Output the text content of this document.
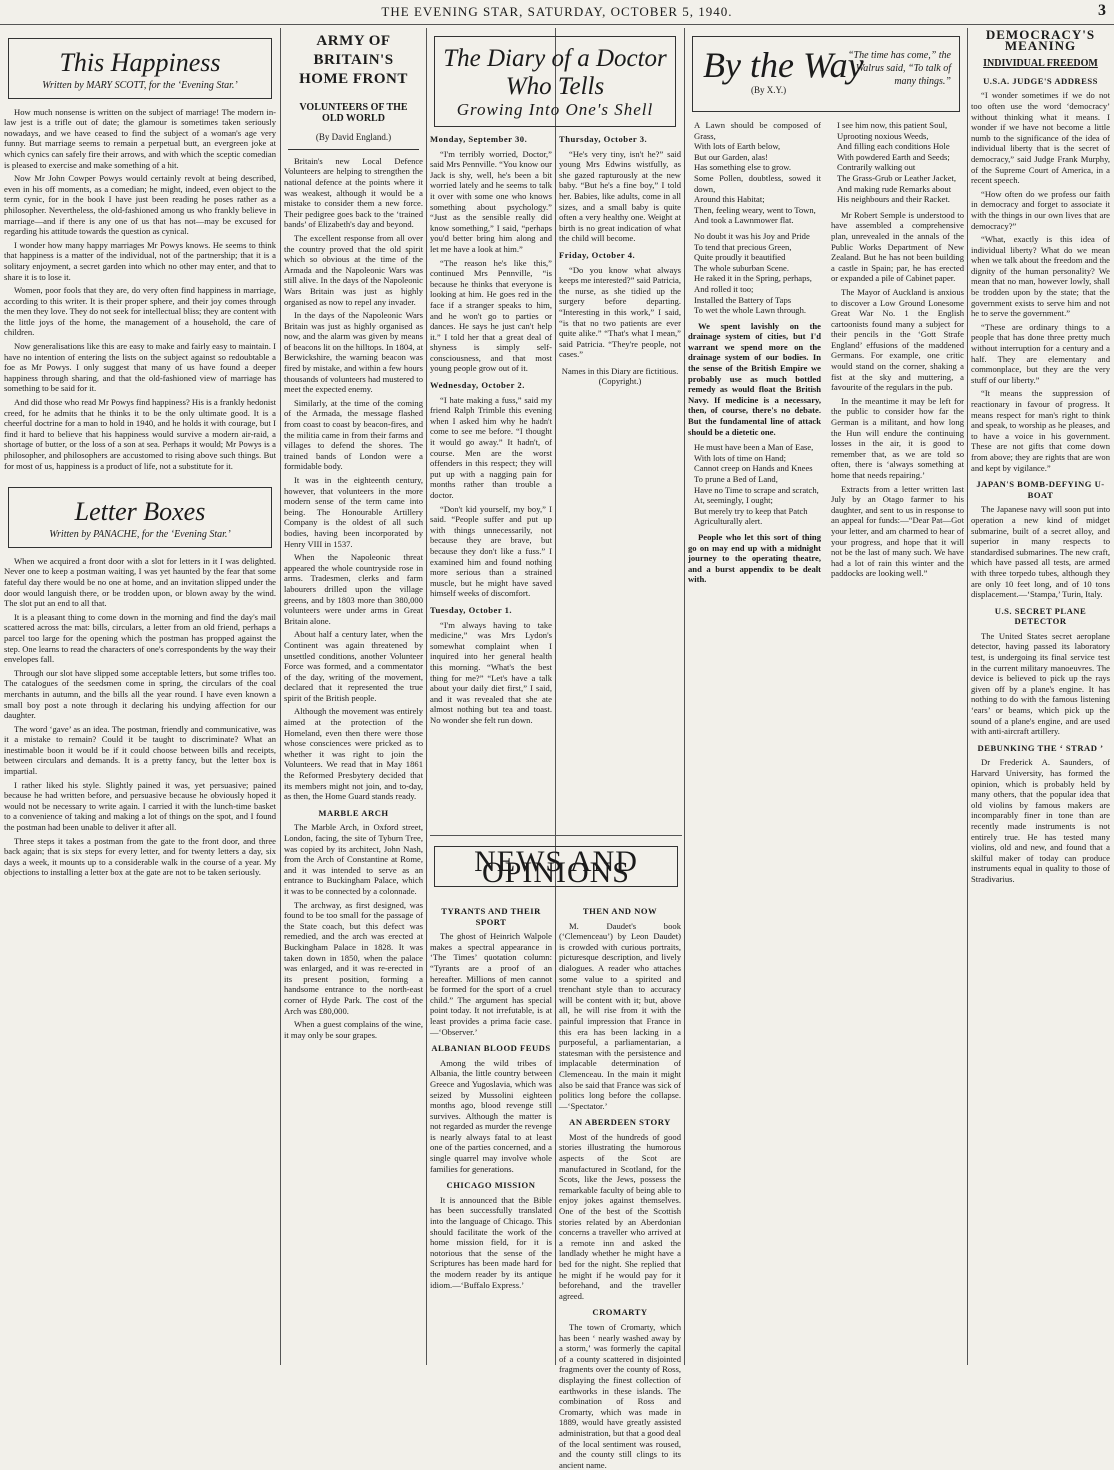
THE EVENING STAR, SATURDAY, OCTOBER 5, 1940.	3
This Happiness
Written by MARY SCOTT, for the ‘Evening Star.’

How much nonsense is written on the subject of marriage! The modern in-law jest is a trifle out of date; the glamour is sometimes taken seriously nowadays, and we have ceased to find the subject of a woman's age very funny. But marriage seems to remain a perpetual butt, an evergreen joke at which cynics can safely fire their arrows, and with which the sceptic comedian is pleased to exercise and make something of a hit.

Now Mr John Cowper Powys would certainly revolt at being described, even in his off moments, as a comedian; he might, indeed, even object to the term cynic, for in the book I have just been reading he poses rather as a philosopher. Nevertheless, the old-fashioned among us who frankly believe in marriage—and if there is any one of us that has not—may be excused for regarding his attitude towards the question as cynical.

I wonder how many happy marriages Mr Powys knows. He seems to think that happiness is a matter of the individual, not of the partnership; that it is a solitary enjoyment, a secret garden into which no other may enter, and that to share it is to lose it.

Women, poor fools that they are, do very often find happiness in marriage, according to this writer. It is their proper sphere, and their joy comes through the men they love. They do not seek for intellectual bliss; they are content with the little joys of the home, the management of a household, the care of children.

Now generalisations like this are easy to make and fairly easy to maintain. I have no intention of entering the lists on the subject against so redoubtable a foe as Mr Powys. I only suggest that many of us have found a deeper happiness through sharing, and that the old-fashioned view of marriage has something to be said for it.

And did those who read Mr Powys find happiness? His is a frankly hedonist creed, for he admits that he thinks it to be the only ultimate good. It is a cheerful doctrine for a man to hold in 1940, and he holds it with courage, but I find it hard to believe that his happiness would survive a modern air-raid, a shortage of butter, or the loss of a son at sea. Perhaps it would; Mr Powys is a philosopher, and philosophers are accustomed to rising above such things. But for most of us, happiness is a product of life, not a substitute for it.

Letter Boxes
Written by PANACHE, for the ‘Evening Star.’

When we acquired a front door with a slot for letters in it I was delighted. Never one to keep a postman waiting, I was yet haunted by the fear that some fateful day there would be no one at home, and an invitation slipped under the door would languish there, or be trodden upon, or blown away by the wind. The slot put an end to all that.

It is a pleasant thing to come down in the morning and find the day's mail scattered across the mat: bills, circulars, a letter from an old friend, perhaps a parcel too large for the opening which the postman has propped against the step. One learns to read the characters of one's correspondents by the way their envelopes fall.

Through our slot have slipped some acceptable letters, but some trifles too. The catalogues of the seedsmen come in spring, the circulars of the coal merchants in autumn, and the bills all the year round. I have even known a small boy post a note through it declaring his undying affection for our daughter.

The word ‘gave’ as an idea. The postman, friendly and communicative, was it a mistake to remain? Could it be taught to discriminate? What an inestimable boon it would be if it could choose between bills and receipts, between circulars and demands. It is a pretty fancy, but the letter box is impartial.

I rather liked his style. Slightly pained it was, yet persuasive; pained because he had written before, and persuasive because he obviously hoped it would not be necessary to write again. I carried it with the lunch-time basket to a convenience of taking and making a lot of things on the spot, and I found the postman had been unable to deliver it after all.

Three steps it takes a postman from the gate to the front door, and three back again; that is six steps for every letter, and for twenty letters a day, six days a week, it mounts up to a considerable walk in the course of a year. My objections to installing a letter box at the gate are not to be taken seriously.

ARMY OF BRITAIN'S HOME FRONT
VOLUNTEERS OF THE OLD WORLD
(By David England.)

Britain's new Local Defence Volunteers are helping to strengthen the national defence at the points where it was weakest, although it would be a mistake to consider them a new force. Their pedigree goes back to the ‘trained bands’ of Elizabeth's day and beyond.

The excellent response from all over the country proved that the old spirit which so obvious at the time of the Armada and the Napoleonic Wars was still alive. In the days of the Napoleonic Wars Britain was just as highly organised as now to repel any invader.

In the days of the Napoleonic Wars Britain was just as highly organised as now, and the alarm was given by means of beacons lit on the hilltops. In 1804, at Berwickshire, the warning beacon was fired by mistake, and within a few hours thousands of volunteers had mustered to meet the expected enemy.

Similarly, at the time of the coming of the Armada, the message flashed from coast to coast by beacon-fires, and the militia came in from their farms and villages to defend the shores. The trained bands of London were a formidable body.

It was in the eighteenth century, however, that volunteers in the more modern sense of the term came into being. The Honourable Artillery Company is the oldest of all such bodies, having been incorporated by Henry VIII in 1537.

When the Napoleonic threat appeared the whole countryside rose in arms. Tradesmen, clerks and farm labourers drilled upon the village greens, and by 1803 more than 380,000 volunteers were under arms in Great Britain alone.

About half a century later, when the Continent was again threatened by unsettled conditions, another Volunteer Force was formed, and a commentator of the day, writing of the movement, declared that it represented the true spirit of the British people.

Although the movement was entirely aimed at the protection of the Homeland, even then there were those whose consciences were pricked as to whether it was right to join the Volunteers. We read that in May 1861 the Reformed Presbytery decided that its members might not join, and to-day, as then, the Home Guard stands ready.

MARBLE ARCH

The Marble Arch, in Oxford street, London, facing, the site of Tyburn Tree, was copied by its architect, John Nash, from the Arch of Constantine at Rome, and it was intended to serve as an entrance to Buckingham Palace, which it was to be connected by a colonnade.

The archway, as first designed, was found to be too small for the passage of the State coach, but this defect was remedied, and the arch was erected at Buckingham Palace in 1828. It was taken down in 1850, when the palace was enlarged, and it was re-erected in its present position, forming a handsome entrance to the north-east corner of Hyde Park. The cost of the Arch was £80,000.

When a guest complains of the wine, it may only be sour grapes.

The Diary of a Doctor Who Tells
Growing Into One's Shell
Monday, September 30.

“I'm terribly worried, Doctor,” said Mrs Pennville. “You know our Jack is shy, well, he's been a bit worried lately and he seems to talk it over with some one who knows something about psychology.” “Just as the sensible really did know something,” I said, “perhaps you'd better bring him along and let me have a look at him.”

“The reason he's like this,” continued Mrs Pennville, “is because he thinks that everyone is looking at him. He goes red in the face if a stranger speaks to him, and he won't go to parties or dances. He says he just can't help it.” I told her that a great deal of shyness is simply self-consciousness, and that most young people grow out of it.

Wednesday, October 2.

“I hate making a fuss,” said my friend Ralph Trimble this evening when I asked him why he hadn't come to see me before. “I thought it would go away.” It hadn't, of course. Men are the worst offenders in this respect; they will put up with a nagging pain for months rather than trouble a doctor.

“Don't kid yourself, my boy,” I said. “People suffer and put up with things unnecessarily, not because they are brave, but because they don't like a fuss.” I examined him and found nothing more serious than a strained muscle, but he might have saved himself weeks of discomfort.

Tuesday, October 1.

“I'm always having to take medicine,” was Mrs Lydon's somewhat complaint when I inquired into her general health this morning. “What's the best thing for me?” “Let's have a talk about your daily diet first,” I said, and it was revealed that she ate almost nothing but tea and toast. No wonder she felt run down.

Thursday, October 3.

“He's very tiny, isn't he?” said young Mrs Edwins wistfully, as she gazed rapturously at the new baby. “But he's a fine boy,” I told her. Babies, like adults, come in all sizes, and a small baby is quite often a very healthy one. Weight at birth is no great indication of what the child will become.

Friday, October 4.

“Do you know what always keeps me interested?” said Patricia, the nurse, as she tidied up the surgery before departing. “Interesting in this work,” I said, “is that no two patients are ever quite alike.” “That's what I mean,” said Patricia. “They're people, not cases.”

Names in this Diary are fictitious. (Copyright.)
NEWS AND OPINIONS
TYRANTS AND THEIR SPORT

The ghost of Heinrich Walpole makes a spectral appearance in ‘The Times’ quotation column: “Tyrants are a proof of an hereafter. Millions of men cannot be formed for the sport of a cruel child.” The argument has special point today. It not irrefutable, is at least provides a prima facie case.—‘Observer.’

ALBANIAN BLOOD FEUDS

Among the wild tribes of Albania, the little country between Greece and Yugoslavia, which was seized by Mussolini eighteen months ago, blood revenge still survives. Although the matter is not regarded as murder the revenge is nearly always fatal to at least one of the parties concerned, and a single quarrel may involve whole families for generations.

CHICAGO MISSION

It is announced that the Bible has been successfully translated into the language of Chicago. This should facilitate the work of the home mission field, for it is notorious that the sense of the Scriptures has been made hard for the modern reader by its antique idiom.—‘Buffalo Express.’

THEN AND NOW

M. Daudet's book (‘Clemenceau’) by Leon Daudet) is crowded with curious portraits, picturesque description, and lively dialogues. A reader who attaches some value to a spirited and trenchant style than to accuracy will be content with it; but, above all, he will rise from it with the painful impression that France in this era has been lacking in a purposeful, a parliamentarian, a statesman with the persistence and implacable determination of Clemenceau. In the main it might also be said that France was sick of politics long before the collapse.—‘Spectator.’

AN ABERDEEN STORY

Most of the hundreds of good stories illustrating the humorous aspects of the Scot are manufactured in Scotland, for the Scots, like the Jews, possess the remarkable faculty of being able to enjoy jokes against themselves. One of the best of the Scottish stories related by an Aberdonian concerns a traveller who arrived at a remote inn and asked the landlady whether he might have a bed for the night. She replied that he might if he would pay for it beforehand, and the traveller agreed.

CROMARTY

The town of Cromarty, which has been ‘ nearly washed away by a storm,’ was formerly the capital of a county scattered in disjointed fragments over the county of Ross, displaying the finest collection of earthworks in these islands. The combination of Ross and Cromarty, which was made in 1889, would have greatly assisted administration, but that a good deal of the local sentiment was roused, and the county still clings to its ancient name.

By the Way
(By X.Y.)
“The time has come,” the Walrus said, “To talk of many things.”

A Lawn should be composed of Grass,

With lots of Earth below,

But our Garden, alas!

Has something else to grow.

Some Pollen, doubtless, sowed it down,

Around this Habitat;

Then, feeling weary, went to Town,

And took a Lawnmower flat.

No doubt it was his Joy and Pride

To tend that precious Green,

Quite proudly it beautified

The whole suburban Scene.

He raked it in the Spring, perhaps,

And rolled it too;

Installed the Battery of Taps

To wet the whole Lawn through.

We spent lavishly on the drainage system of cities, but I'd warrant we spend more on the drainage system of our bodies. In the sense of the British Empire we probably use as much bottled remedy as would float the British Navy. If medicine is a necessary, then, of course, there's no debate. But the fundamental line of attack should be a dietetic one.

He must have been a Man of Ease,

With lots of time on Hand;

Cannot creep on Hands and Knees

To prune a Bed of Land,

Have no Time to scrape and scratch,

At, seemingly, I ought;

But merely try to keep that Patch

Agriculturally alert.

People who let this sort of thing go on may end up with a midnight journey to the operating theatre, and a burst appendix to be dealt with.

I see him now, this patient Soul,

Uprooting noxious Weeds,

And filling each conditions Hole

With powdered Earth and Seeds;

Contrarily walking out

The Grass-Grub or Leather Jacket,

And making rude Remarks about

His neighbours and their Racket.

Mr Robert Semple is understood to have assembled a comprehensive plan, unrevealed in the annals of the Public Works Department of New Zealand. But he has not been building a castle in Spain; par, he has erected or expanded a pile of Cabinet paper.

The Mayor of Auckland is anxious to discover a Low Ground Lonesome Great War No. 1 the English cartoonists found many a subject for their pencils in the ‘Gott Strafe England’ effusions of the maddened Germans. For example, one critic would stand on the corner, shaking a fist at the sky and muttering, a favourite of the regulars in the pub.

In the meantime it may be left for the public to consider how far the German is a militant, and how long the Hun will endure the continuing losses in the air, it is good to remember that, as we are told so often, there is ‘always something at home that needs repairing.’

Extracts from a letter written last July by an Otago farmer to his daughter, and sent to us in response to an appeal for funds:—“Dear Pat—Got your letter, and am charmed to hear of your progress, and hope that it will not be the last of many such. We have had a lot of rain this winter and the paddocks are looking well.”

DEMOCRACY'S MEANING
INDIVIDUAL FREEDOM
U.S.A. JUDGE'S ADDRESS

“I wonder sometimes if we do not too often use the word ‘democracy’ without thinking what it means. I wonder if we have not become a little numb to the significance of the idea of individual liberty that is the secret of democracy,” said Judge Frank Murphy, of the Supreme Court of America, in a recent speech.

“How often do we profess our faith in democracy and forget to associate it with the things in our own lives that are democracy?”

“What, exactly is this idea of individual liberty? What do we mean when we talk about the freedom and the dignity of the human personality? We mean that no man, however lowly, shall be trodden upon by the state; that the government exists to serve him and not he to serve the government.”

“These are ordinary things to a people that has done three pretty much without interruption for a century and a half. They are elementary and commonplace, but they are the very stuff of our liberty.”

“It means the suppression of reactionary in favour of progress. It means respect for man's right to think and speak, to worship as he pleases, and to have a voice in his government. These are not gifts that come down from above; they are rights that are won and kept by vigilance.”

JAPAN'S BOMB-DEFYING U-BOAT

The Japanese navy will soon put into operation a new kind of midget submarine, built of a secret alloy, and superior in many respects to standardised submarines. The new craft, which have passed all tests, are armed with three torpedo tubes, although they are only 10 feet long, and of 10 tons displacement.—‘Stampa,’ Turin, Italy.

U.S. SECRET PLANE DETECTOR

The United States secret aeroplane detector, having passed its laboratory test, is undergoing its final service test in the current military manoeuvres. The device is believed to pick up the rays given off by a plane's engine. It has nothing to do with the famous listening ‘ears’ or beams, which pick up the sound of a plane's engine, and are used with anti-aircraft artillery.

DEBUNKING THE ‘ STRAD ’

Dr Frederick A. Saunders, of Harvard University, has formed the opinion, which is probably held by many others, that the popular idea that old violins by famous makers are incomparably finer in tone than are recently made instruments is not entirely true. He has tested many violins, old and new, and found that a skilful maker of today can produce instruments equal in quality to those of Stradivarius.
